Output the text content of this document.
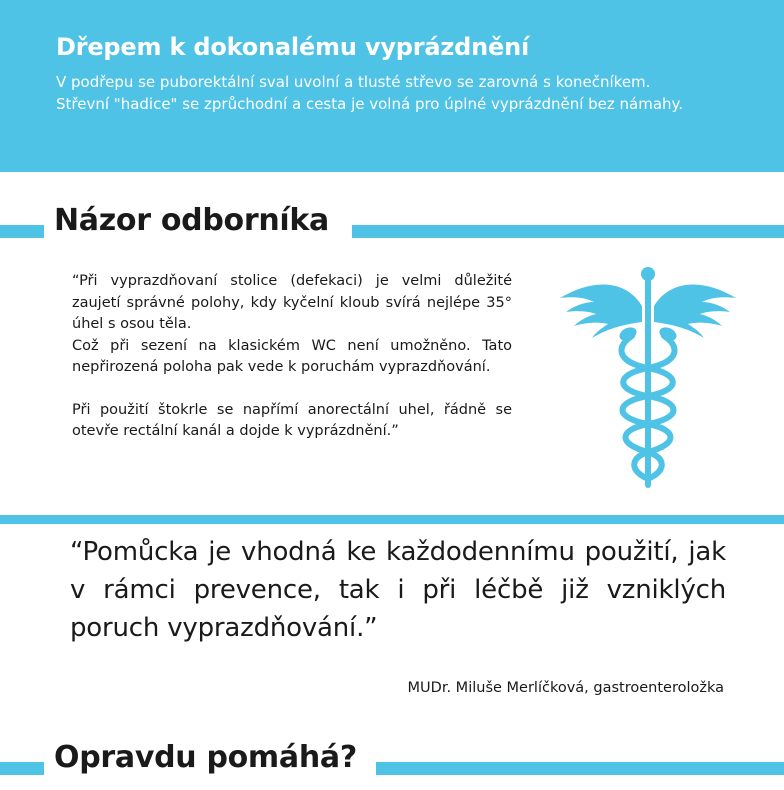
Dřepem k dokonalému vyprázdnění

V podřepu se puborektální sval uvolní a tlusté střevo se zarovná s konečníkem. Střevní "hadice" se zprůchodní a cesta je volná pro úplné vyprázdnění bez námahy.

Názor odborníka

“Při vyprazdňovaní stolice (defekaci) je velmi důležité zaujetí správné polohy, kdy kyčelní kloub svírá nejlépe 35° úhel s osou těla.

Což při sezení na klasickém WC není umožněno. Tato nepřirozená poloha pak vede k poruchám vyprazdňování.

Při použití štokrle se napřímí anorectální uhel, řádně se otevře rectální kanál a dojde k vyprázdnění.”

“Pomůcka je vhodná ke každodennímu použití, jak v rámci prevence, tak i při léčbě již vzniklých poruch vyprazdňování.”

MUDr. Miluše Merlíčková, gastroenteroložka

Opravdu pomáhá?
